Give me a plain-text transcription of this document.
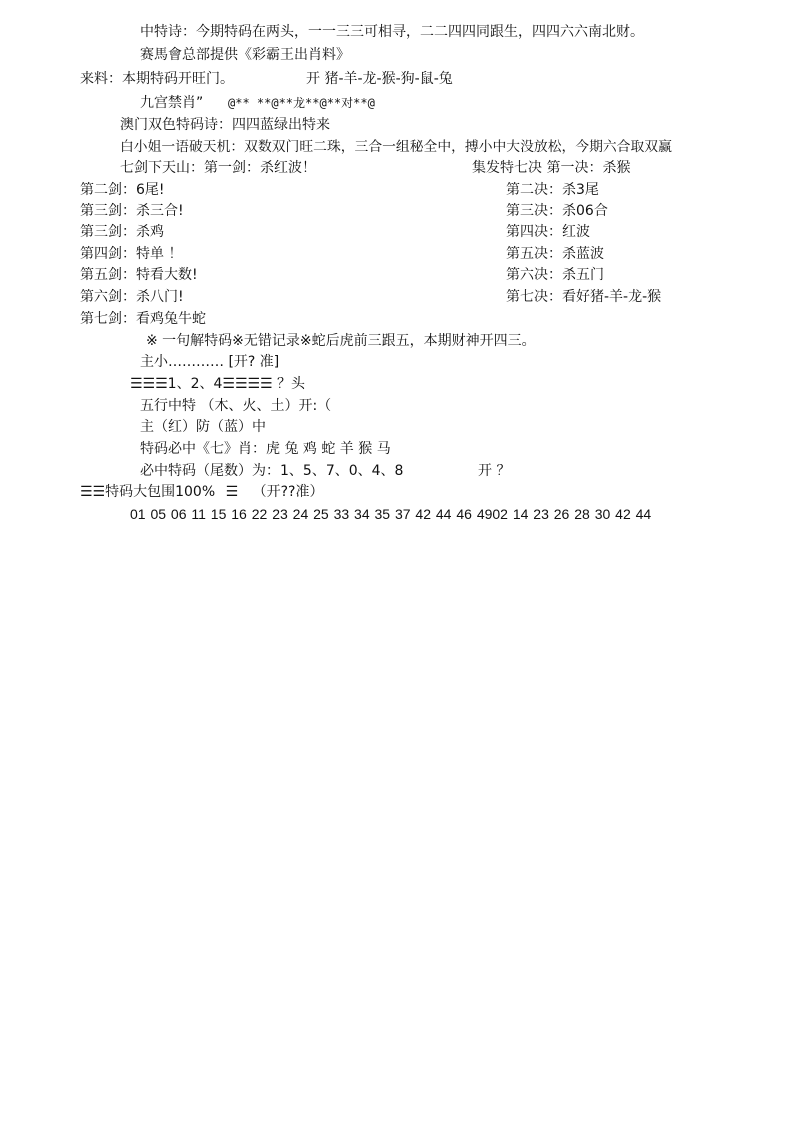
中特诗：今期特码在两头，一一三三可相寻，二二四四同跟生，四四六六南北财。
赛馬會总部提供《彩霸王出肖料》
来料：本期特码开旺门。	开 猪-羊-龙-猴-狗-鼠-兔
九宫禁肖” @** **@**龙**@**对**@
澳门双色特码诗：四四蓝绿出特来
白小姐一语破天机：双数双门旺二珠，三合一组秘全中，搏小中大没放松，今期六合取双赢
七剑下天山：第一剑：杀红波！
第二剑：6尾!
第三剑：杀三合!
第三剑：杀鸡
第四剑：特单 ！
第五剑：特看大数!
第六剑：杀八门!
第七剑：看鸡兔牛蛇
集发特七决 第一决：杀猴
第二决：杀3尾
第三决：杀06合
第四决：红波
第五决：杀蓝波
第六决：杀五门
第七决：看好猪-羊-龙-猴
※ 一句解特码※无错记录※蛇后虎前三跟五，本期财神开四三。
主小………… [开? 准]
☰☰☰1、2、4☰☰☰☰ ？头
五行中特 （木、火、土）开:（
主（红）防（蓝）中
特码必中《七》肖：虎 兔 鸡 蛇 羊 猴 马
必中特码（尾数）为：1、5、7、0、4、8	开 ？
☰☰特码大包围100% ☰ （开??准）
01 05 06 11 15 16 22 23 24 25 33 34 35 37 42 44 46 4902 14 23 26 28 30 42 44
